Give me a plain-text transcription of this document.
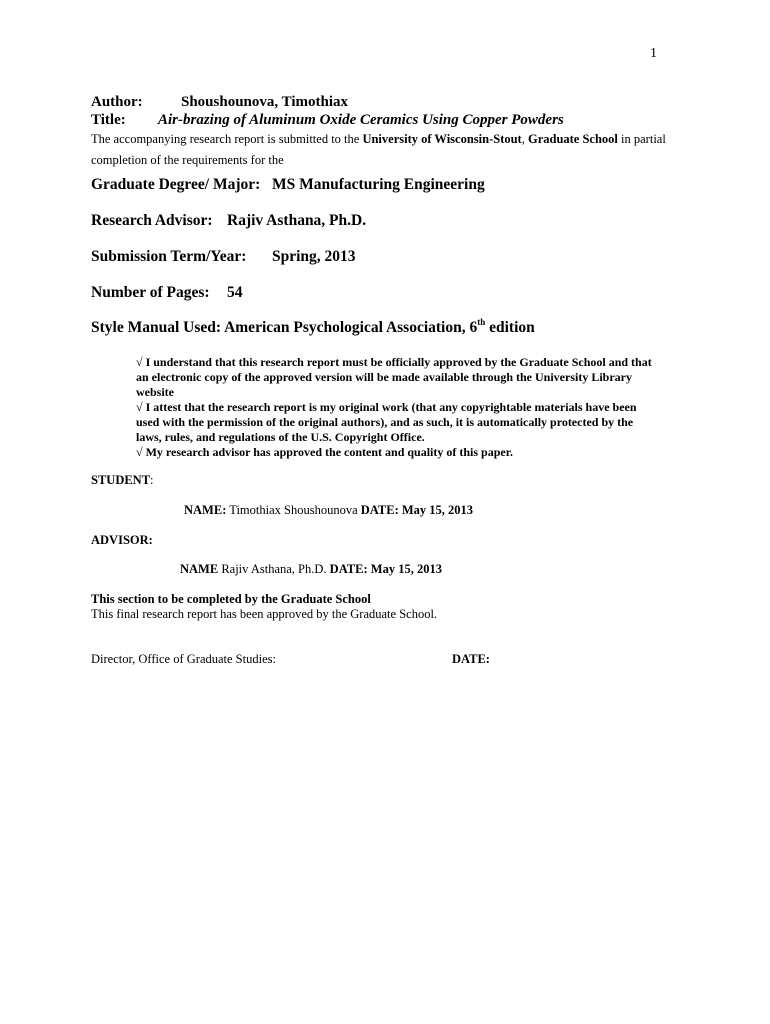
1
Author:	Shoushounova, Timothiax
Title: Air-brazing of Aluminum Oxide Ceramics Using Copper Powders
The accompanying research report is submitted to the University of Wisconsin-Stout, Graduate School in partial
completion of the requirements for the
Graduate Degree/ Major: MS Manufacturing Engineering
Research Advisor: Rajiv Asthana, Ph.D.
Submission Term/Year: Spring, 2013
Number of Pages: 54
Style Manual Used: American Psychological Association, 6th edition
√ I understand that this research report must be officially approved by the Graduate School and that
an electronic copy of the approved version will be made available through the University Library
website
√ I attest that the research report is my original work (that any copyrightable materials have been
used with the permission of the original authors), and as such, it is automatically protected by the
laws, rules, and regulations of the U.S. Copyright Office.
√ My research advisor has approved the content and quality of this paper.
STUDENT:
NAME: Timothiax Shoushounova DATE: May 15, 2013
ADVISOR:
NAME Rajiv Asthana, Ph.D. DATE: May 15, 2013
This section to be completed by the Graduate School
This final research report has been approved by the Graduate School.
Director, Office of Graduate Studies:	DATE:
